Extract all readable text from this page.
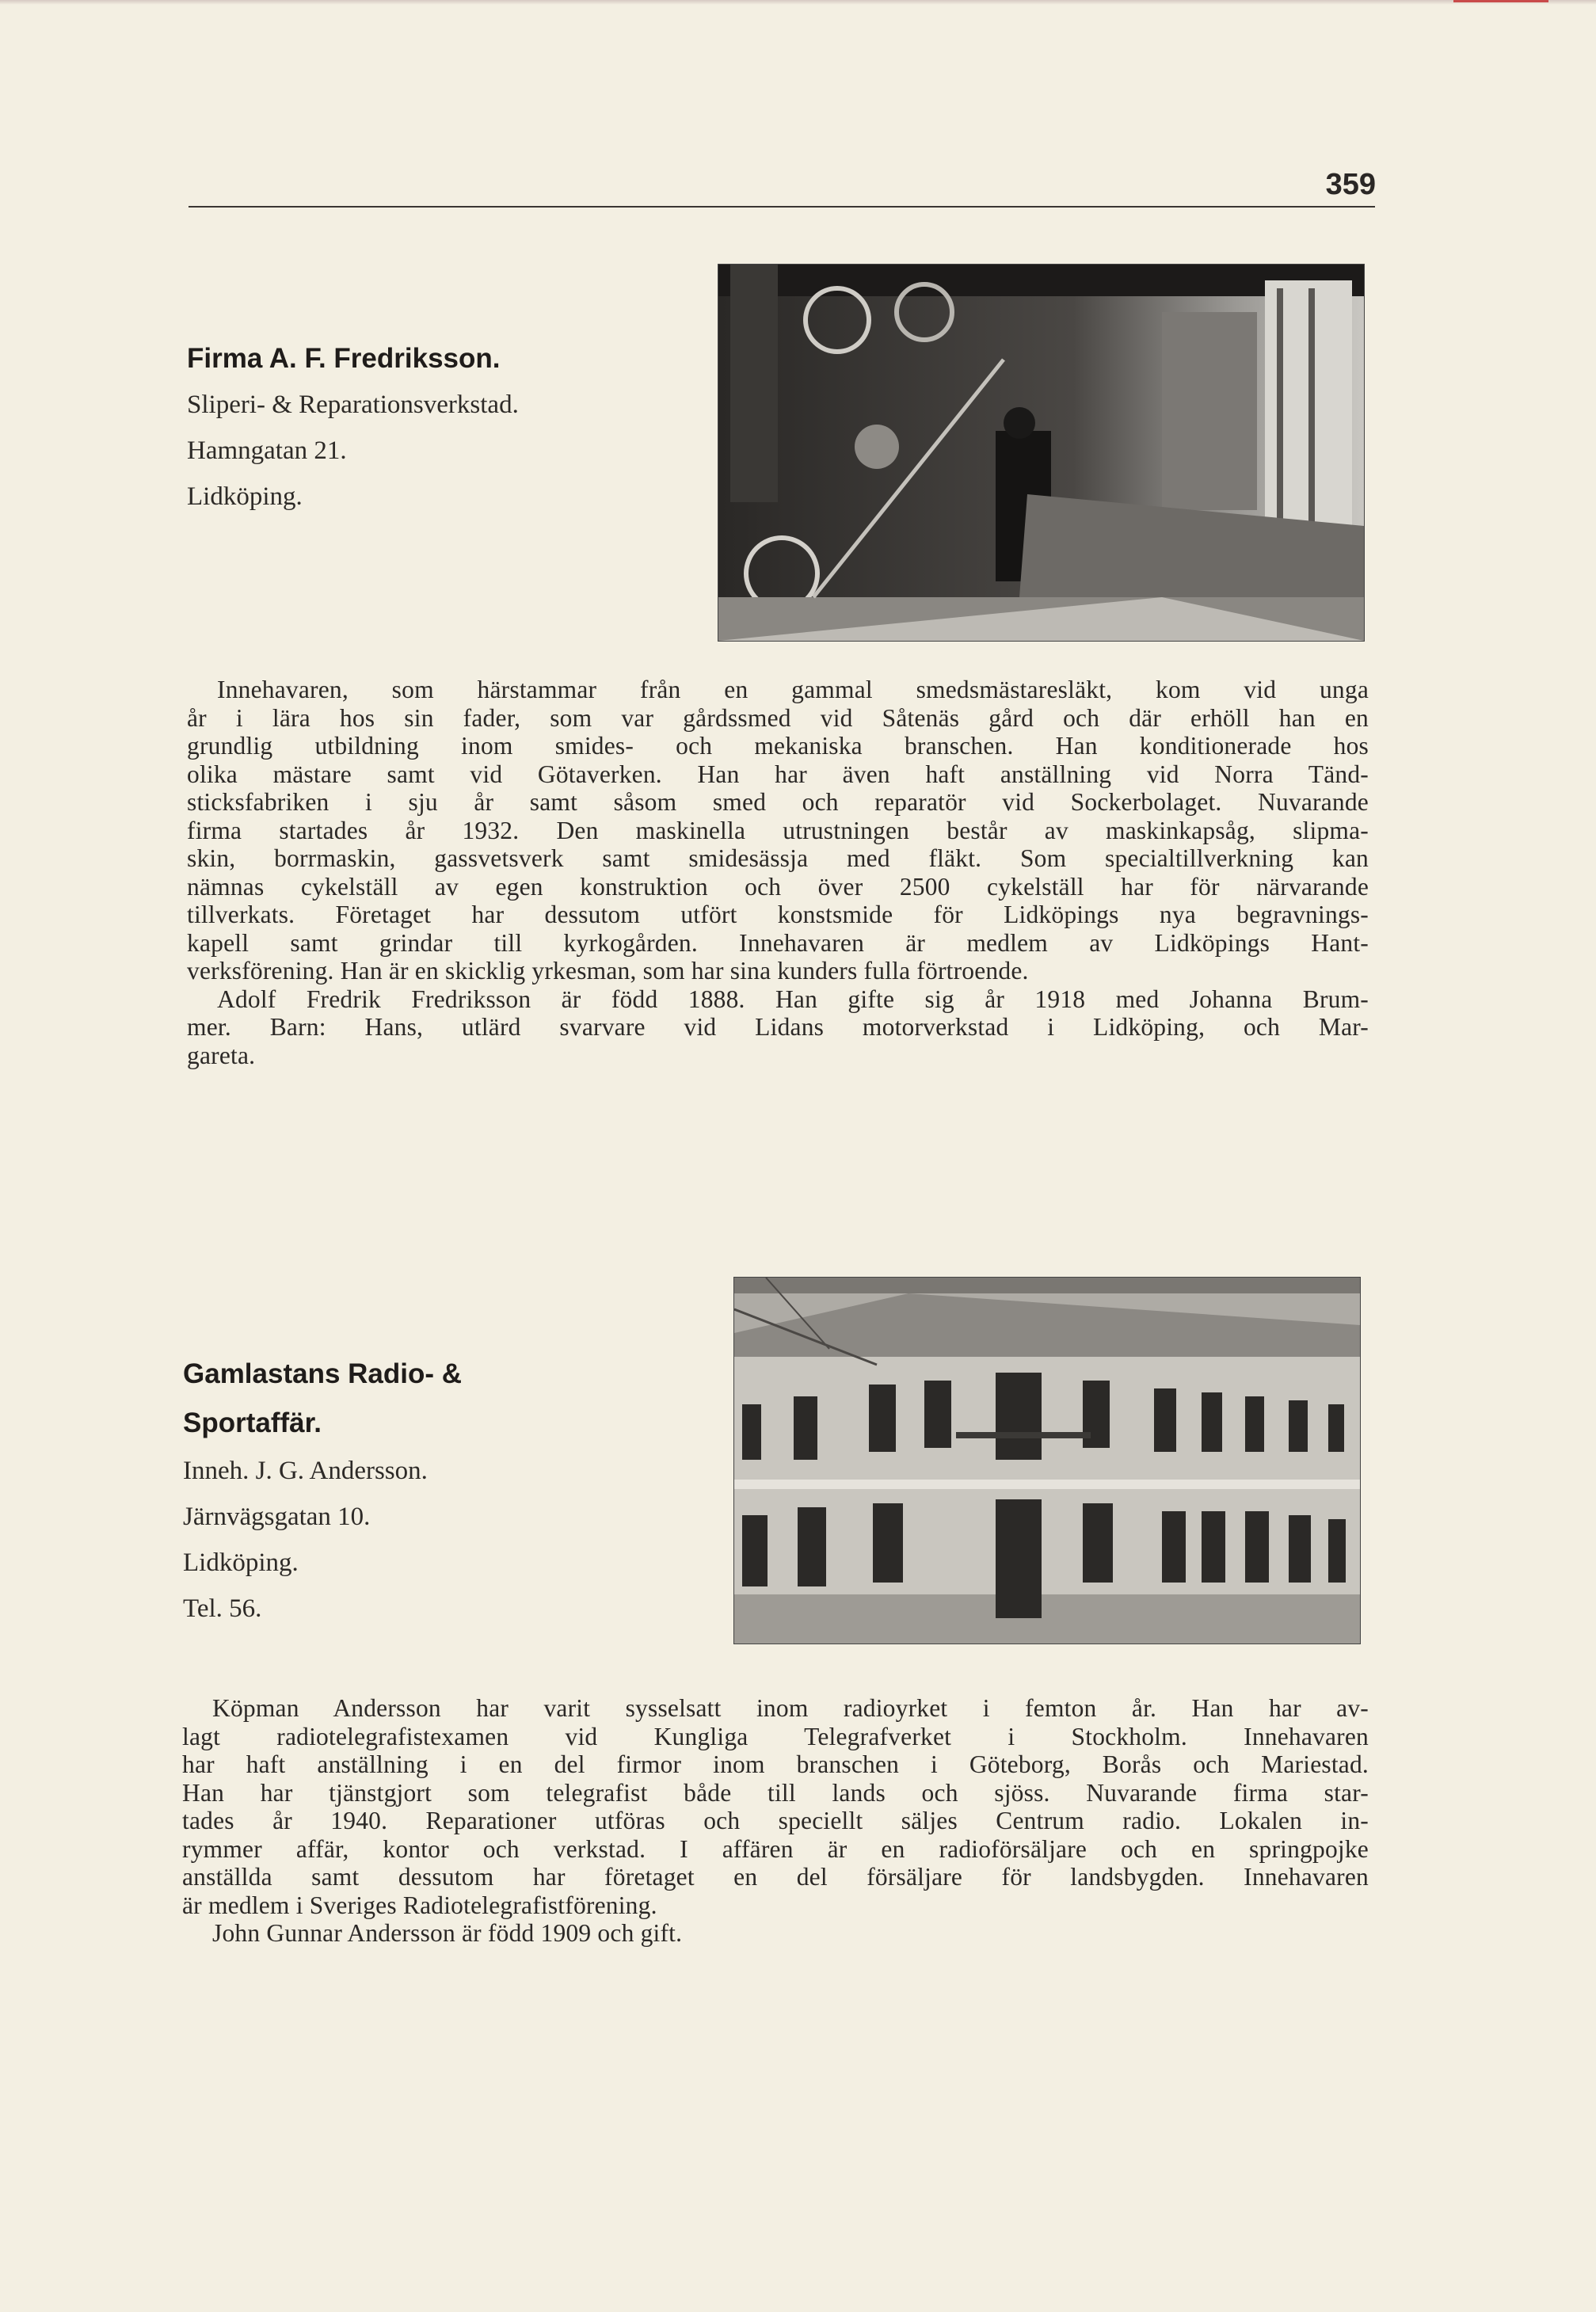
359

Firma A. F. Fredriksson.

Sliperi- & Reparationsverkstad.

Hamngatan 21.

Lidköping.

Innehavaren, som härstammar från en gammal smedsmästaresläkt, kom vid unga
år i lära hos sin fader, som var gårdssmed vid Såtenäs gård och där erhöll han en
grundlig utbildning inom smides- och mekaniska branschen. Han konditionerade hos
olika mästare samt vid Götaverken. Han har även haft anställning vid Norra Tänd-
sticksfabriken i sju år samt såsom smed och reparatör vid Sockerbolaget. Nuvarande
firma startades år 1932. Den maskinella utrustningen består av maskinkapsåg, slipma-
skin, borrmaskin, gassvetsverk samt smidesässja med fläkt. Som specialtillverkning kan
nämnas cykelställ av egen konstruktion och över 2500 cykelställ har för närvarande
tillverkats. Företaget har dessutom utfört konstsmide för Lidköpings nya begravnings-
kapell samt grindar till kyrkogården. Innehavaren är medlem av Lidköpings Hant-
verksförening. Han är en skicklig yrkesman, som har sina kunders fulla förtroende.
Adolf Fredrik Fredriksson är född 1888. Han gifte sig år 1918 med Johanna Brum-
mer. Barn: Hans, utlärd svarvare vid Lidans motorverkstad i Lidköping, och Mar-
gareta.

Gamlastans Radio- &

Sportaffär.

Inneh. J. G. Andersson.

Järnvägsgatan 10.

Lidköping.

Tel. 56.

Köpman Andersson har varit sysselsatt inom radioyrket i femton år. Han har av-
lagt radiotelegrafistexamen vid Kungliga Telegrafverket i Stockholm. Innehavaren
har haft anställning i en del firmor inom branschen i Göteborg, Borås och Mariestad.
Han har tjänstgjort som telegrafist både till lands och sjöss. Nuvarande firma star-
tades år 1940. Reparationer utföras och speciellt säljes Centrum radio. Lokalen in-
rymmer affär, kontor och verkstad. I affären är en radioförsäljare och en springpojke
anställda samt dessutom har företaget en del försäljare för landsbygden. Innehavaren
är medlem i Sveriges Radiotelegrafistförening.
John Gunnar Andersson är född 1909 och gift.
